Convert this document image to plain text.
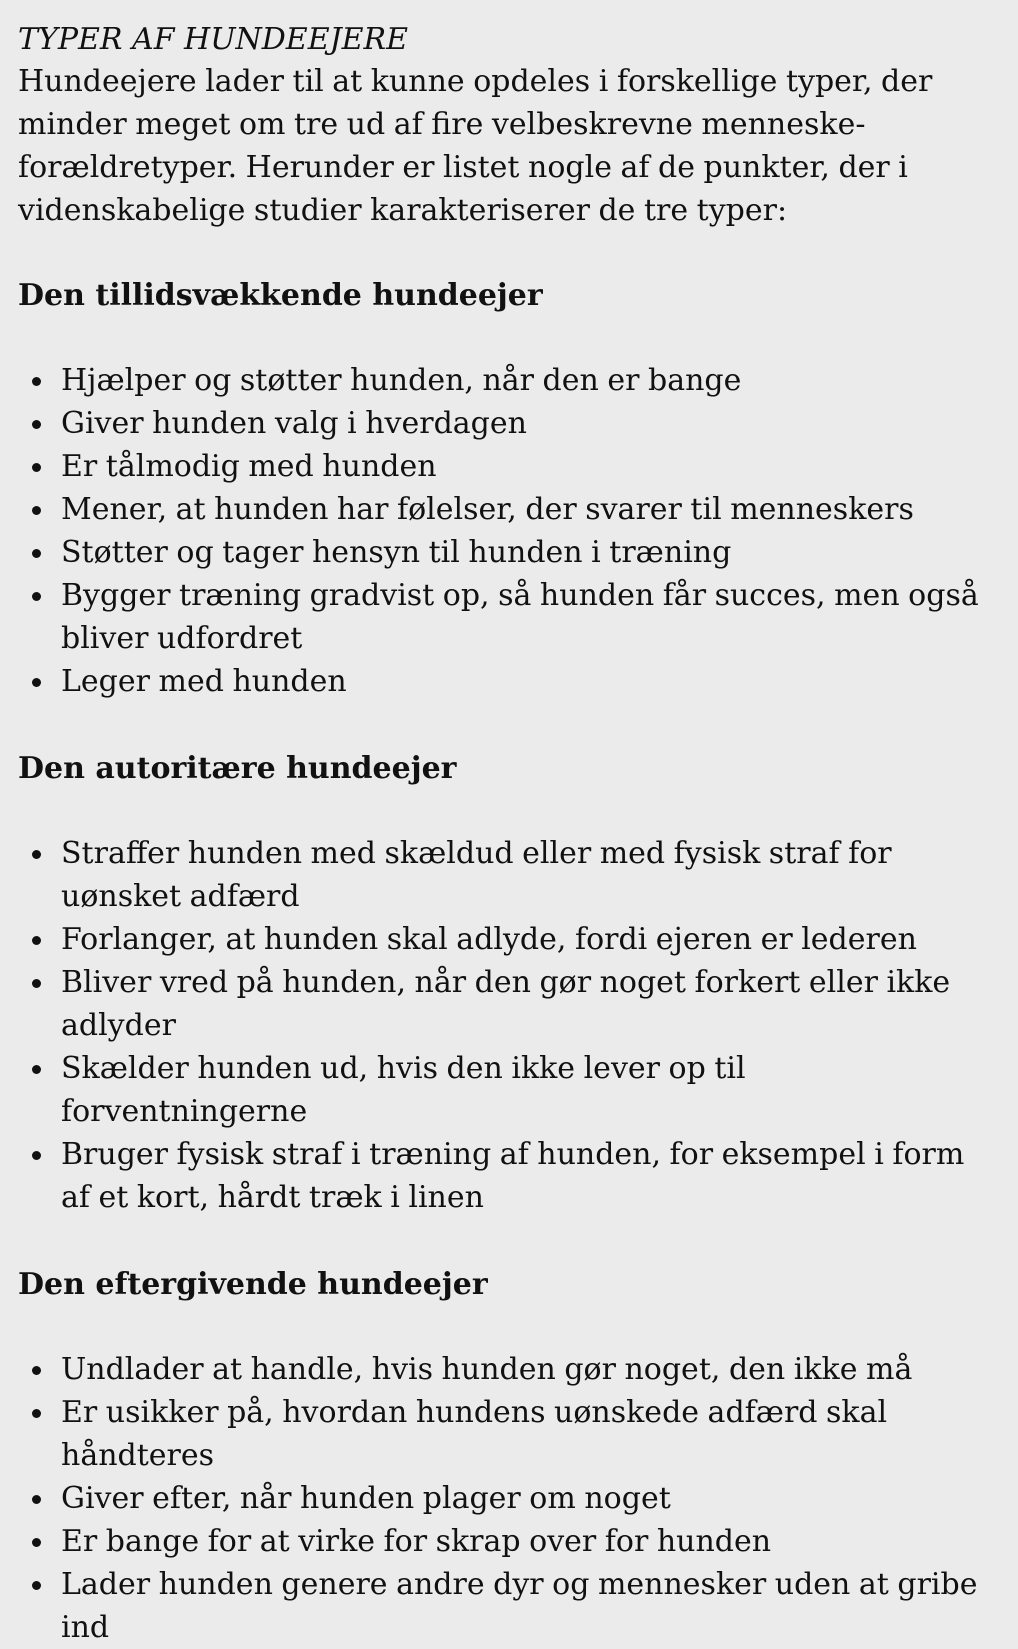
TYPER AF HUNDEEJERE

Hundeejere lader til at kunne opdeles i forskellige typer, der minder meget om tre ud af fire velbeskrevne menneske-forældretyper. Herunder er listet nogle af de punkter, der i videnskabelige studier karakteriserer de tre typer:

Den tillidsvækkende hundeejer
Hjælper og støtter hunden, når den er bange
Giver hunden valg i hverdagen
Er tålmodig med hunden
Mener, at hunden har følelser, der svarer til menneskers
Støtter og tager hensyn til hunden i træning
Bygger træning gradvist op, så hunden får succes, men også bliver udfordret
Leger med hunden
Den autoritære hundeejer
Straffer hunden med skældud eller med fysisk straf for uønsket adfærd
Forlanger, at hunden skal adlyde, fordi ejeren er lederen
Bliver vred på hunden, når den gør noget forkert eller ikke adlyder
Skælder hunden ud, hvis den ikke lever op til forventningerne
Bruger fysisk straf i træning af hunden, for eksempel i form af et kort, hårdt træk i linen
Den eftergivende hundeejer
Undlader at handle, hvis hunden gør noget, den ikke må
Er usikker på, hvordan hundens uønskede adfærd skal håndteres
Giver efter, når hunden plager om noget
Er bange for at virke for skrap over for hunden
Lader hunden genere andre dyr og mennesker uden at gribe ind
